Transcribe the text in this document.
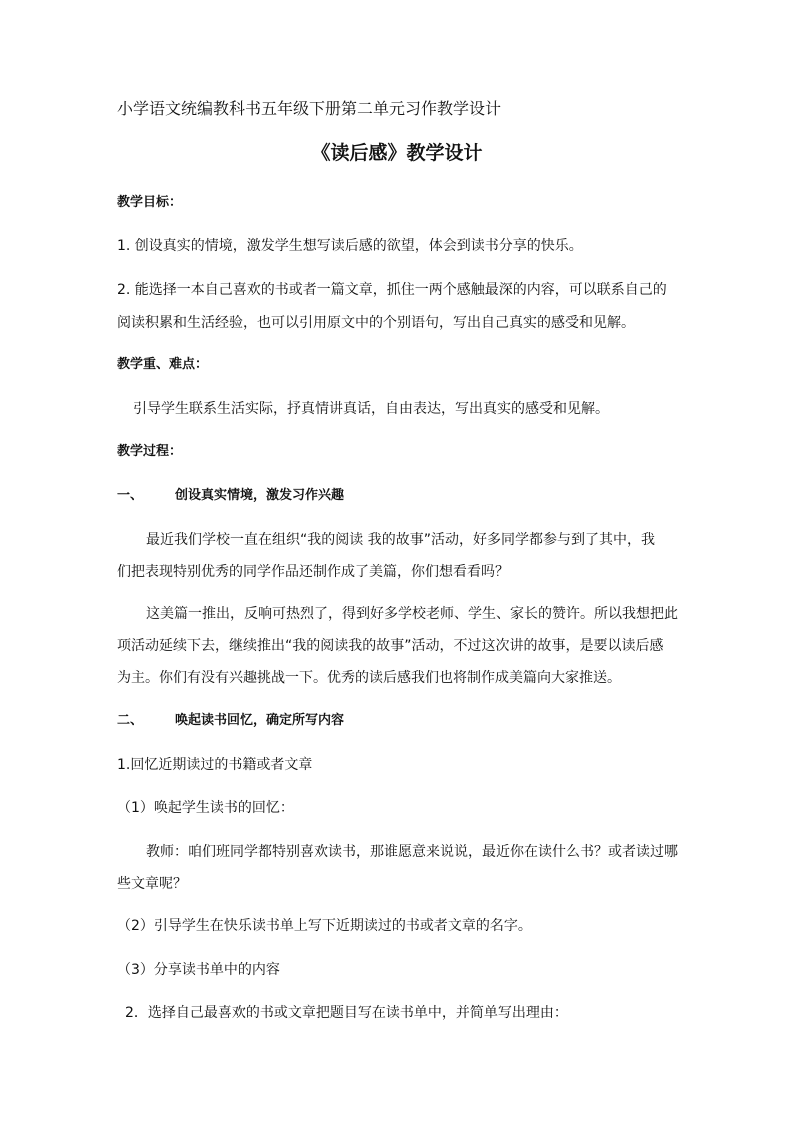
小学语文统编教科书五年级下册第二单元习作教学设计
《读后感》教学设计
教学目标：
1. 创设真实的情境，激发学生想写读后感的欲望，体会到读书分享的快乐。
2. 能选择一本自己喜欢的书或者一篇文章，抓住一两个感触最深的内容，可以联系自己的
阅读积累和生活经验，也可以引用原文中的个别语句，写出自己真实的感受和见解。
教学重、难点：
引导学生联系生活实际，抒真情讲真话，自由表达，写出真实的感受和见解。
教学过程：
一、 创设真实情境，激发习作兴趣
最近我们学校一直在组织“我的阅读 我的故事”活动，好多同学都参与到了其中，我
们把表现特别优秀的同学作品还制作成了美篇，你们想看看吗？
这美篇一推出，反响可热烈了，得到好多学校老师、学生、家长的赞许。所以我想把此
项活动延续下去，继续推出“我的阅读我的故事”活动，不过这次讲的故事，是要以读后感
为主。你们有没有兴趣挑战一下。优秀的读后感我们也将制作成美篇向大家推送。
二、 唤起读书回忆，确定所写内容
1.回忆近期读过的书籍或者文章
（1）唤起学生读书的回忆：
教师：咱们班同学都特别喜欢读书，那谁愿意来说说，最近你在读什么书？或者读过哪
些文章呢？
（2）引导学生在快乐读书单上写下近期读过的书或者文章的名字。
（3）分享读书单中的内容
2．选择自己最喜欢的书或文章把题目写在读书单中，并简单写出理由：
